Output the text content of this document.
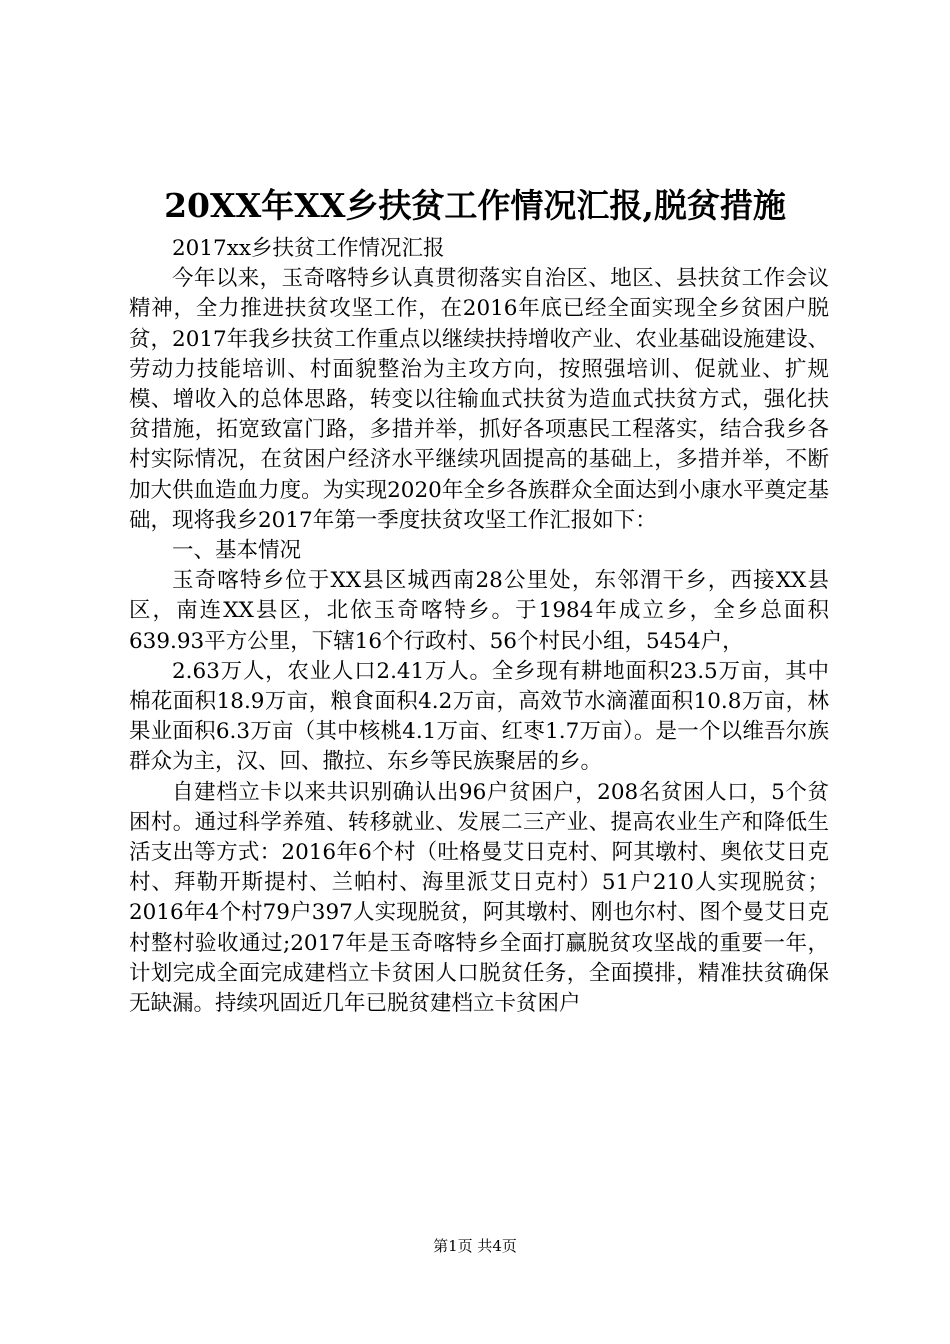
20XX年XX乡扶贫工作情况汇报,脱贫措施

2017xx乡扶贫工作情况汇报

今年以来，玉奇喀特乡认真贯彻落实自治区、地区、县扶贫工作会议精神，全力推进扶贫攻坚工作，在2016年底已经全面实现全乡贫困户脱贫，2017年我乡扶贫工作重点以继续扶持增收产业、农业基础设施建设、劳动力技能培训、村面貌整治为主攻方向，按照强培训、促就业、扩规模、增收入的总体思路，转变以往输血式扶贫为造血式扶贫方式，强化扶贫措施，拓宽致富门路，多措并举，抓好各项惠民工程落实，结合我乡各村实际情况，在贫困户经济水平继续巩固提高的基础上，多措并举，不断加大供血造血力度。为实现2020年全乡各族群众全面达到小康水平奠定基础，现将我乡2017年第一季度扶贫攻坚工作汇报如下：

一、基本情况

玉奇喀特乡位于XX县区城西南28公里处，东邻渭干乡，西接XX县区，南连XX县区，北依玉奇喀特乡。于1984年成立乡，全乡总面积639.93平方公里，下辖16个行政村、56个村民小组，5454户，

2.63万人，农业人口2.41万人。全乡现有耕地面积23.5万亩，其中棉花面积18.9万亩，粮食面积4.2万亩，高效节水滴灌面积10.8万亩，林果业面积6.3万亩（其中核桃4.1万亩、红枣1.7万亩）。是一个以维吾尔族群众为主，汉、回、撒拉、东乡等民族聚居的乡。

自建档立卡以来共识别确认出96户贫困户，208名贫困人口，5个贫困村。通过科学养殖、转移就业、发展二三产业、提高农业生产和降低生活支出等方式：2016年6个村（吐格曼艾日克村、阿其墩村、奥依艾日克村、拜勒开斯提村、兰帕村、海里派艾日克村）51户210人实现脱贫；2016年4个村79户397人实现脱贫，阿其墩村、刚也尔村、图个曼艾日克村整村验收通过;2017年是玉奇喀特乡全面打赢脱贫攻坚战的重要一年，计划完成全面完成建档立卡贫困人口脱贫任务，全面摸排，精准扶贫确保无缺漏。持续巩固近几年已脱贫建档立卡贫困户

第1页 共4页
